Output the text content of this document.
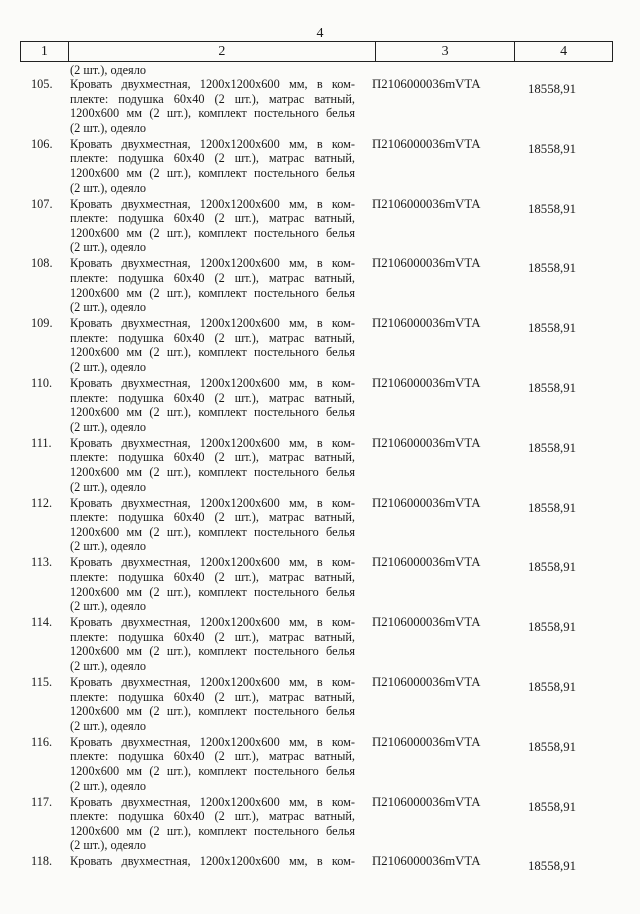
4
1	2	3	4
(2 шт.), одеяло
105. Кровать двухместная, 1200x1200x600 мм, в ком-
плекте: подушка 60x40 (2 шт.), матрас ватный,
1200x600 мм (2 шт.), комплект постельного белья
(2 шт.), одеяло
П2106000036mVTA	18558,91
106. Кровать двухместная, 1200x1200x600 мм, в ком-
плекте: подушка 60x40 (2 шт.), матрас ватный,
1200x600 мм (2 шт.), комплект постельного белья
(2 шт.), одеяло
П2106000036mVTA	18558,91
107. Кровать двухместная, 1200x1200x600 мм, в ком-
плекте: подушка 60x40 (2 шт.), матрас ватный,
1200x600 мм (2 шт.), комплект постельного белья
(2 шт.), одеяло
П2106000036mVTA	18558,91
108. Кровать двухместная, 1200x1200x600 мм, в ком-
плекте: подушка 60x40 (2 шт.), матрас ватный,
1200x600 мм (2 шт.), комплект постельного белья
(2 шт.), одеяло
П2106000036mVTA	18558,91
109. Кровать двухместная, 1200x1200x600 мм, в ком-
плекте: подушка 60x40 (2 шт.), матрас ватный,
1200x600 мм (2 шт.), комплект постельного белья
(2 шт.), одеяло
П2106000036mVTA	18558,91
110. Кровать двухместная, 1200x1200x600 мм, в ком-
плекте: подушка 60x40 (2 шт.), матрас ватный,
1200x600 мм (2 шт.), комплект постельного белья
(2 шт.), одеяло
П2106000036mVTA	18558,91
111. Кровать двухместная, 1200x1200x600 мм, в ком-
плекте: подушка 60x40 (2 шт.), матрас ватный,
1200x600 мм (2 шт.), комплект постельного белья
(2 шт.), одеяло
П2106000036mVTA	18558,91
112. Кровать двухместная, 1200x1200x600 мм, в ком-
плекте: подушка 60x40 (2 шт.), матрас ватный,
1200x600 мм (2 шт.), комплект постельного белья
(2 шт.), одеяло
П2106000036mVTA	18558,91
113. Кровать двухместная, 1200x1200x600 мм, в ком-
плекте: подушка 60x40 (2 шт.), матрас ватный,
1200x600 мм (2 шт.), комплект постельного белья
(2 шт.), одеяло
П2106000036mVTA	18558,91
114. Кровать двухместная, 1200x1200x600 мм, в ком-
плекте: подушка 60x40 (2 шт.), матрас ватный,
1200x600 мм (2 шт.), комплект постельного белья
(2 шт.), одеяло
П2106000036mVTA	18558,91
115. Кровать двухместная, 1200x1200x600 мм, в ком-
плекте: подушка 60x40 (2 шт.), матрас ватный,
1200x600 мм (2 шт.), комплект постельного белья
(2 шт.), одеяло
П2106000036mVTA	18558,91
116. Кровать двухместная, 1200x1200x600 мм, в ком-
плекте: подушка 60x40 (2 шт.), матрас ватный,
1200x600 мм (2 шт.), комплект постельного белья
(2 шт.), одеяло
П2106000036mVTA	18558,91
117. Кровать двухместная, 1200x1200x600 мм, в ком-
плекте: подушка 60x40 (2 шт.), матрас ватный,
1200x600 мм (2 шт.), комплект постельного белья
(2 шт.), одеяло
П2106000036mVTA	18558,91
118. Кровать двухместная, 1200x1200x600 мм, в ком- П2106000036mVTA	18558,91
